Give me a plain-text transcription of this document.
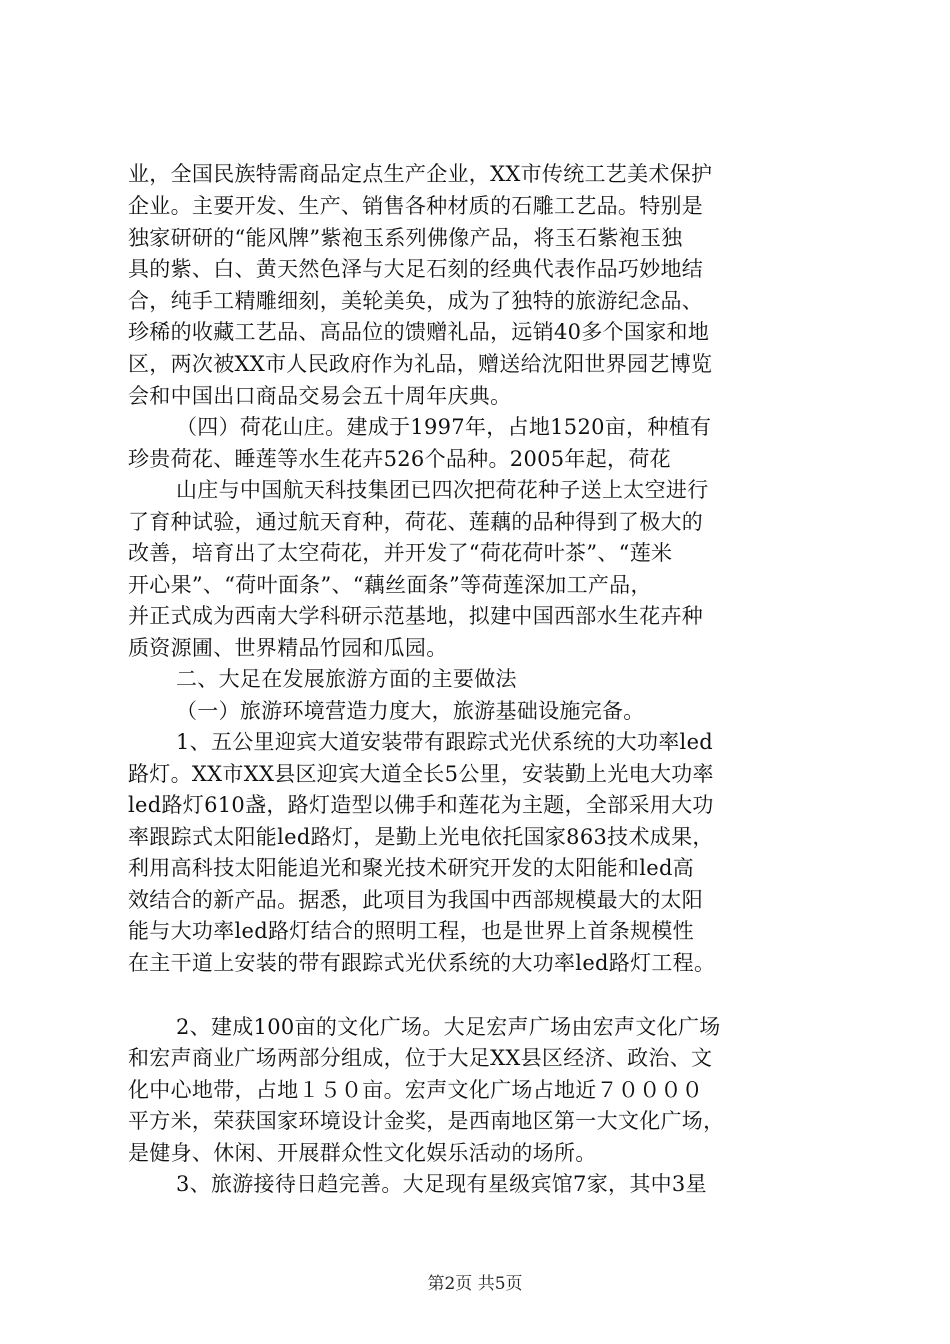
业，全国民族特需商品定点生产企业，XX市传统工艺美术保护
企业。主要开发、生产、销售各种材质的石雕工艺品。特别是
独家研研的“能风牌”紫袍玉系列佛像产品，将玉石紫袍玉独
具的紫、白、黄天然色泽与大足石刻的经典代表作品巧妙地结
合，纯手工精雕细刻，美轮美奂，成为了独特的旅游纪念品、
珍稀的收藏工艺品、高品位的馈赠礼品，远销40多个国家和地
区，两次被XX市人民政府作为礼品，赠送给沈阳世界园艺博览
会和中国出口商品交易会五十周年庆典。
（四）荷花山庄。建成于1997年，占地1520亩，种植有
珍贵荷花、睡莲等水生花卉526个品种。2005年起，荷花
山庄与中国航天科技集团已四次把荷花种子送上太空进行
了育种试验，通过航天育种，荷花、莲藕的品种得到了极大的
改善，培育出了太空荷花，并开发了“荷花荷叶茶”、“莲米
开心果”、“荷叶面条”、“藕丝面条”等荷莲深加工产品，
并正式成为西南大学科研示范基地，拟建中国西部水生花卉种
质资源圃、世界精品竹园和瓜园。
二、大足在发展旅游方面的主要做法
（一）旅游环境营造力度大，旅游基础设施完备。
1、五公里迎宾大道安装带有跟踪式光伏系统的大功率led
路灯。XX市XX县区迎宾大道全长5公里，安装勤上光电大功率
led路灯610盏，路灯造型以佛手和莲花为主题，全部采用大功
率跟踪式太阳能led路灯，是勤上光电依托国家863技术成果，
利用高科技太阳能追光和聚光技术研究开发的太阳能和led高
效结合的新产品。据悉，此项目为我国中西部规模最大的太阳
能与大功率led路灯结合的照明工程，也是世界上首条规模性
在主干道上安装的带有跟踪式光伏系统的大功率led路灯工程。
2、建成100亩的文化广场。大足宏声广场由宏声文化广场
和宏声商业广场两部分组成，位于大足XX县区经济、政治、文
化中心地带，占地１５０亩。宏声文化广场占地近７００００
平方米，荣获国家环境设计金奖，是西南地区第一大文化广场，
是健身、休闲、开展群众性文化娱乐活动的场所。
3、旅游接待日趋完善。大足现有星级宾馆7家，其中3星
第2页 共5页
